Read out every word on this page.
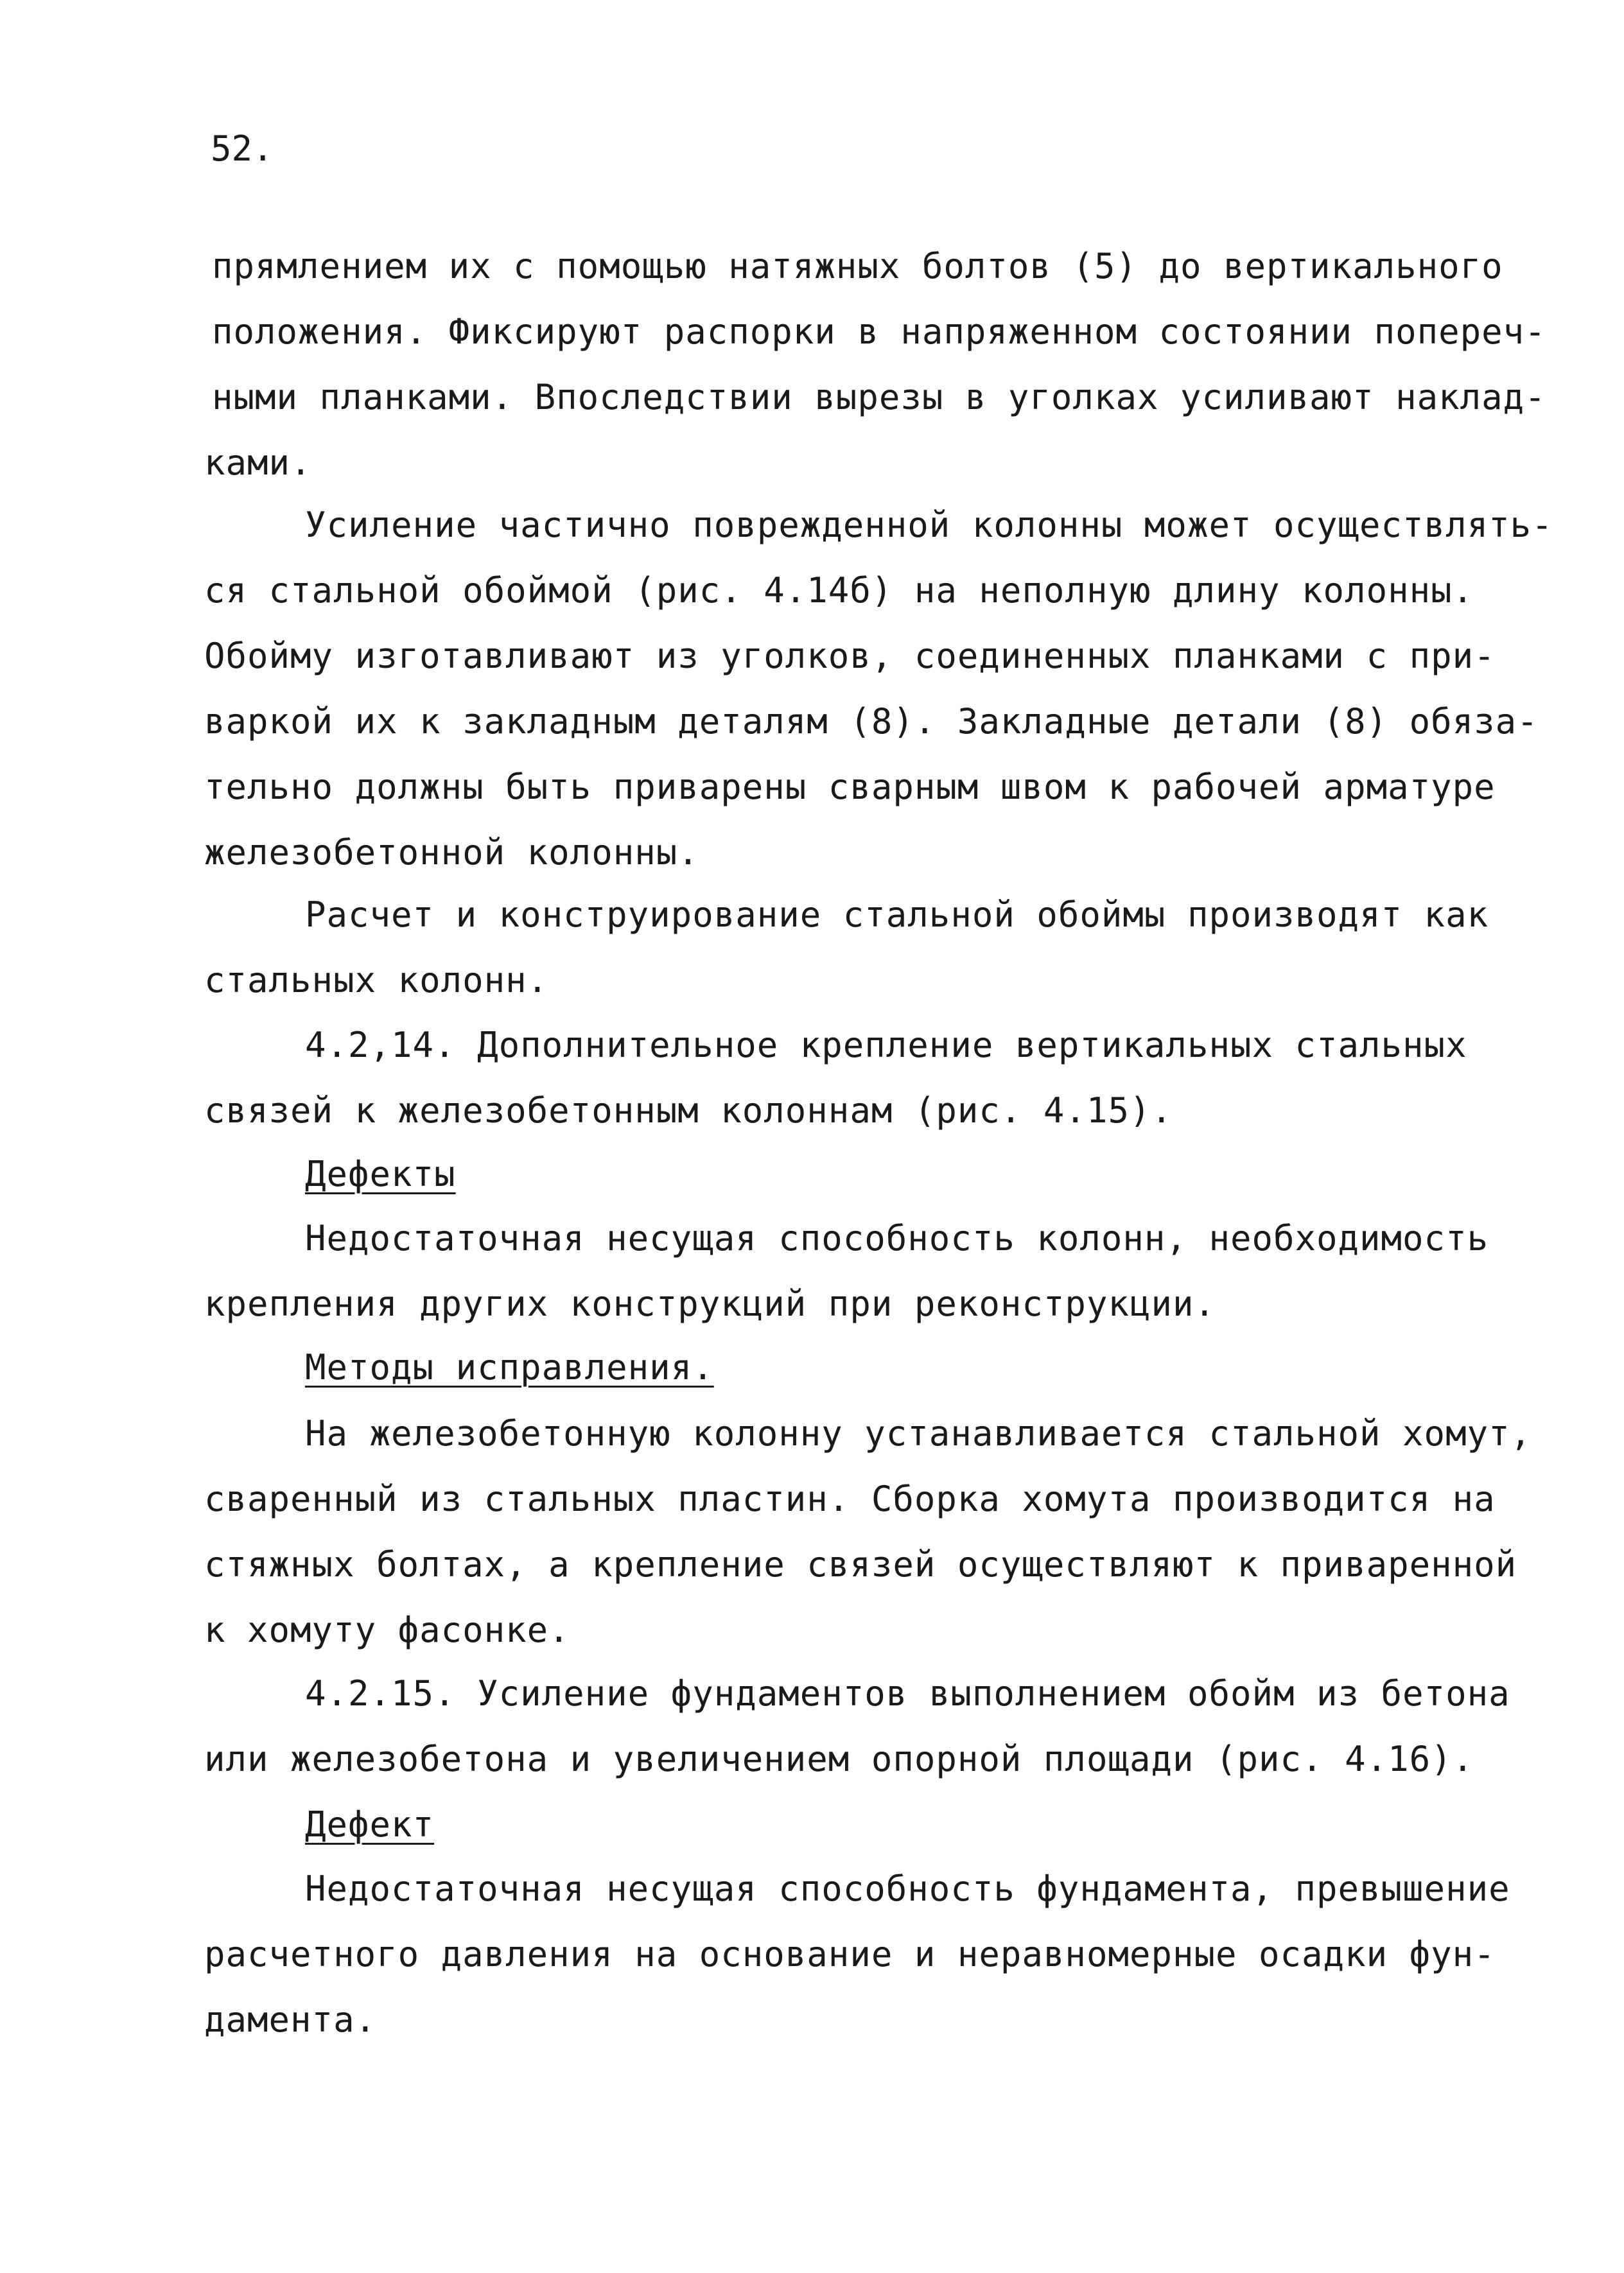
52.
прямлением их с помощью натяжных болтов (5) до вертикального
положения. Фиксируют распорки в напряженном состоянии попереч-
ными планками. Впоследствии вырезы в уголках усиливают наклад-
ками.
Усиление частично поврежденной колонны может осуществлять-
ся стальной обоймой (рис. 4.14б) на неполную длину колонны.
Обойму изготавливают из уголков, соединенных планками с при-
варкой их к закладным деталям (8). Закладные детали (8) обяза-
тельно должны быть приварены сварным швом к рабочей арматуре
железобетонной колонны.
Расчет и конструирование стальной обоймы производят как
стальных колонн.
4.2,14. Дополнительное крепление вертикальных стальных
связей к железобетонным колоннам (рис. 4.15).
Дефекты
Недостаточная несущая способность колонн, необходимость
крепления других конструкций при реконструкции.
Методы исправления.
На железобетонную колонну устанавливается стальной хомут,
сваренный из стальных пластин. Сборка хомута производится на
стяжных болтах, а крепление связей осуществляют к приваренной
к хомуту фасонке.
4.2.15. Усиление фундаментов выполнением обойм из бетона
или железобетона и увеличением опорной площади (рис. 4.16).
Дефект
Недостаточная несущая способность фундамента, превышение
расчетного давления на основание и неравномерные осадки фун-
дамента.
